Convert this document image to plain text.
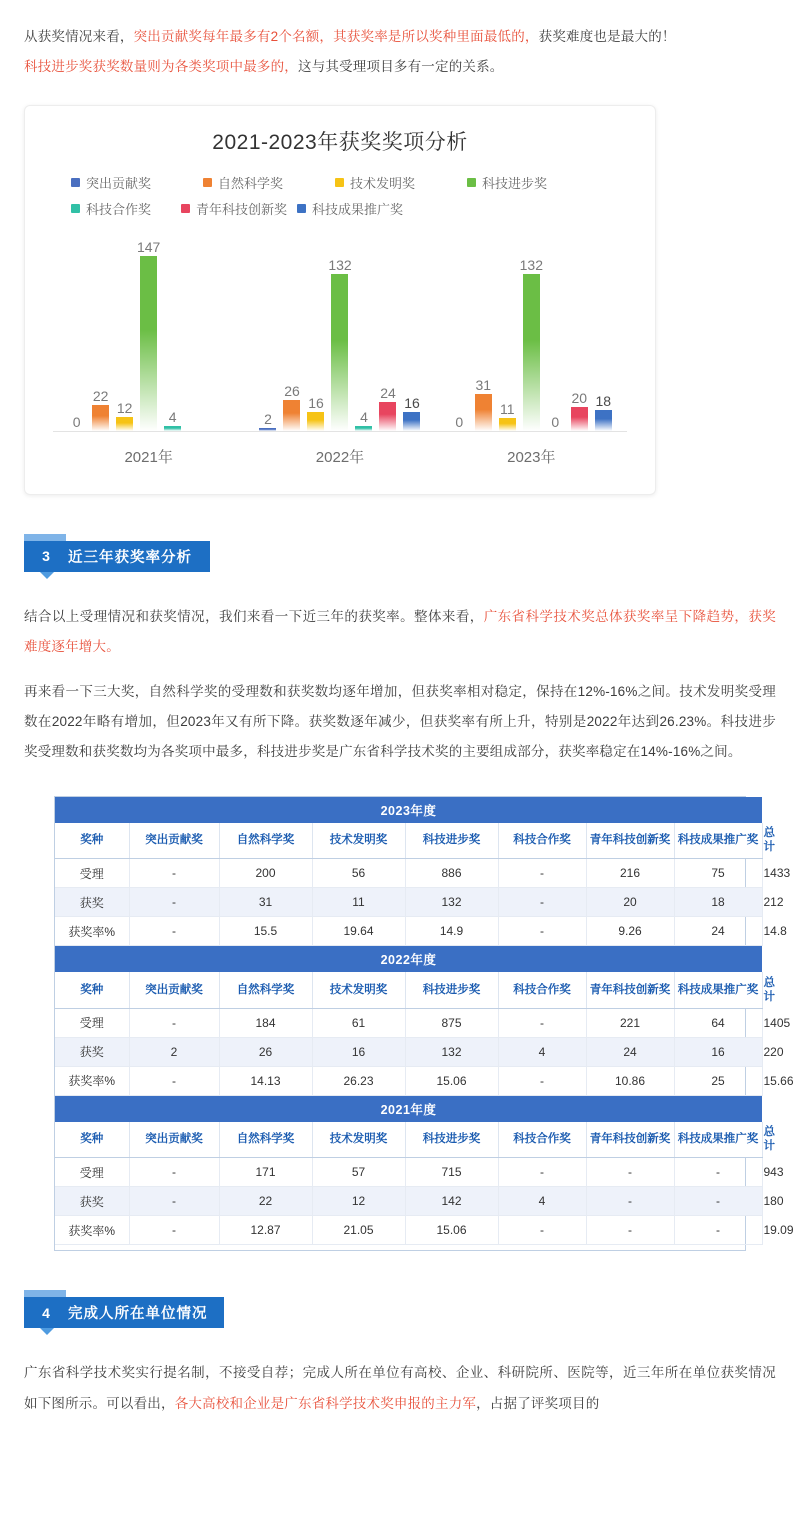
从获奖情况来看，突出贡献奖每年最多有2个名额，其获奖率是所以奖种里面最低的，获奖难度也是最大的！

科技进步奖获奖数量则为各类奖项中最多的，这与其受理项目多有一定的关系。

2021-2023年获奖奖项分析
突出贡献奖	自然科学奖	技术发明奖	科技进步奖
科技合作奖	青年科技创新奖 科技成果推广奖
0
22
12
147
4	2
26
16
132
4
24
16
0
31
11
132
0
20 18
2021年	2022年	2023年
3	近三年获奖率分析

结合以上受理情况和获奖情况，我们来看一下近三年的获奖率。整体来看，广东省科学技术奖总体获奖率呈下降趋势，获奖难度逐年增大。

再来看一下三大奖，自然科学奖的受理数和获奖数均逐年增加，但获奖率相对稳定，保持在12%-16%之间。技术发明奖受理数在2022年略有增加，但2023年又有所下降。获奖数逐年减少，但获奖率有所上升，特别是2022年达到26.23%。科技进步奖受理数和获奖数均为各奖项中最多，科技进步奖是广东省科学技术奖的主要组成部分，获奖率稳定在14%-16%之间。

2023年度								
奖种	突出贡献奖	自然科学奖	技术发明奖	科技进步奖	科技合作奖	青年科技创新奖	科技成果推广奖	总计
受理	-	200	56	886	-	216	75	1433
获奖	-	31	11	132	-	20	18	212
获奖率%	-	15.5	19.64	14.9	-	9.26	24	14.8
2022年度								
奖种	突出贡献奖	自然科学奖	技术发明奖	科技进步奖	科技合作奖	青年科技创新奖	科技成果推广奖	总计
受理	-	184	61	875	-	221	64	1405
获奖	2	26	16	132	4	24	16	220
获奖率%	-	14.13	26.23	15.06	-	10.86	25	15.66
2021年度								
奖种	突出贡献奖	自然科学奖	技术发明奖	科技进步奖	科技合作奖	青年科技创新奖	科技成果推广奖	总计
受理	-	171	57	715	-	-	-	943
获奖	-	22	12	142	4	-	-	180
获奖率%	-	12.87	21.05	15.06	-	-	-	19.09
4	完成人所在单位情况

广东省科学技术奖实行提名制，不接受自荐；完成人所在单位有高校、企业、科研院所、医院等，近三年所在单位获奖情况如下图所示。可以看出，各大高校和企业是广东省科学技术奖申报的主力军，占据了评奖项目的
